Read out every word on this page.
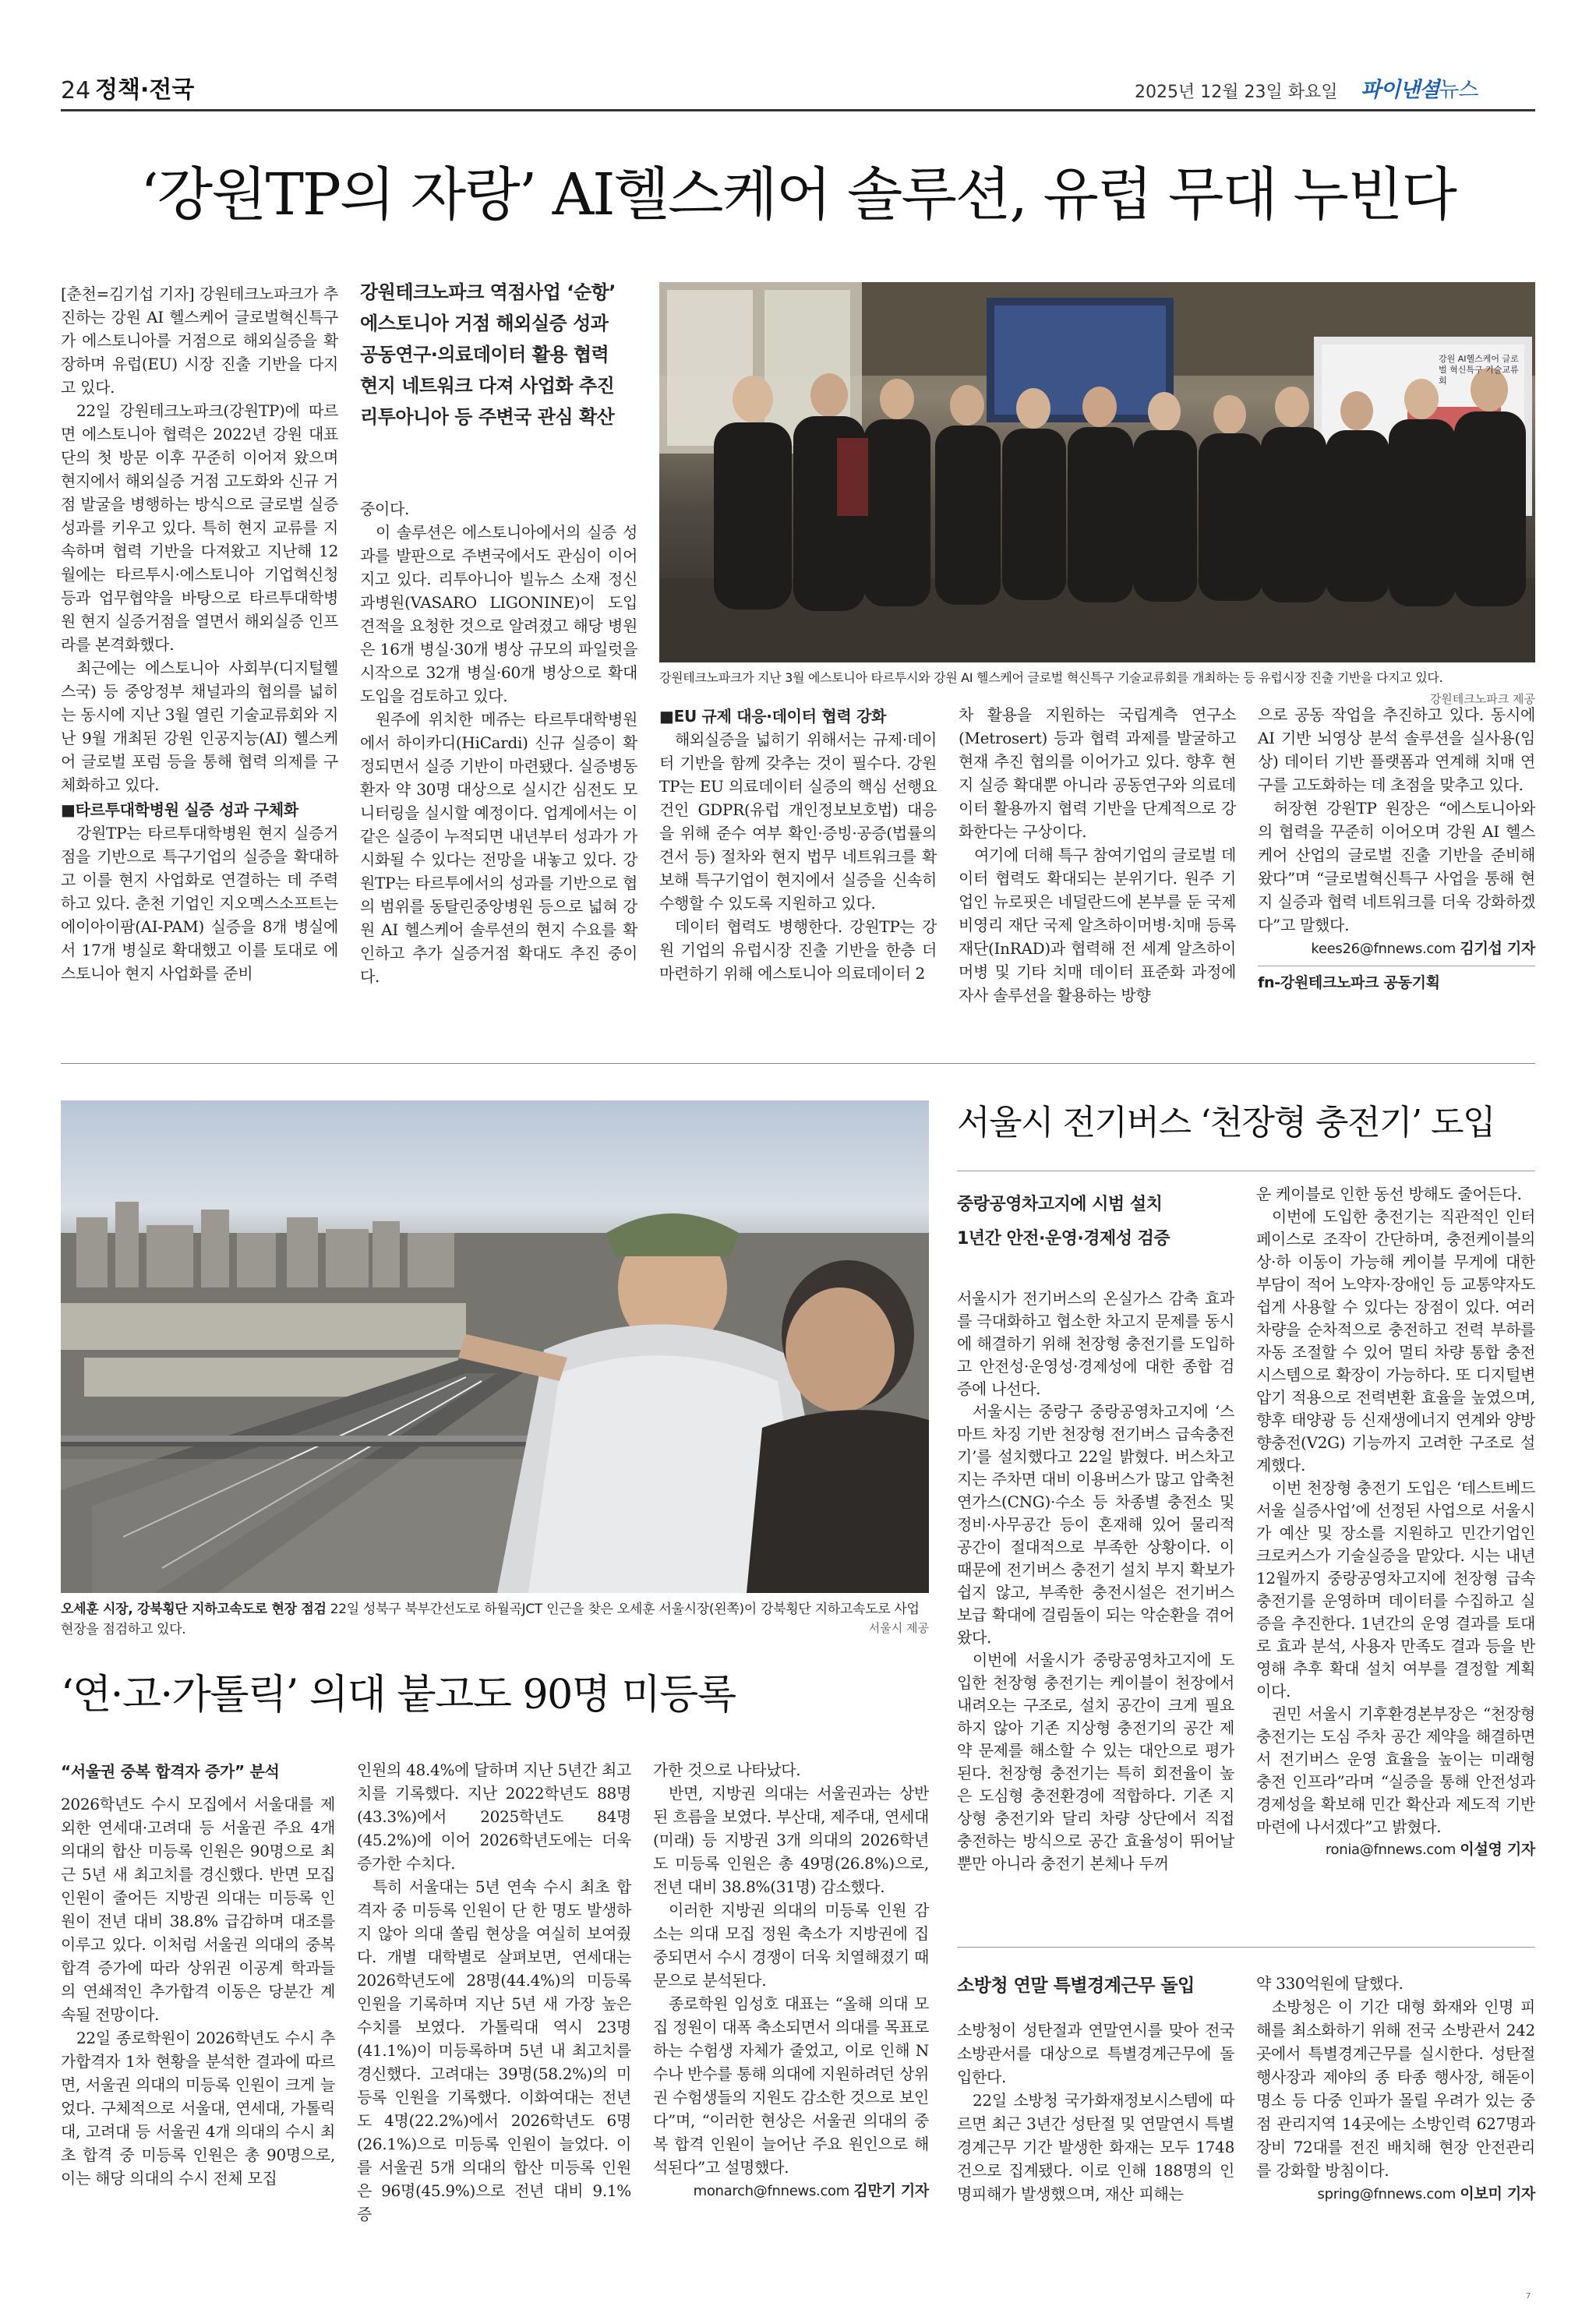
24 정책·전국	2025년 12월 23일 화요일 파이낸셜뉴스
‘강원TP의 자랑’ AI헬스케어 솔루션, 유럽 무대 누빈다

[춘천=김기섭 기자] 강원테크노파크가 추진하는 강원 AI 헬스케어 글로벌혁신특구가 에스토니아를 거점으로 해외실증을 확장하며 유럽(EU) 시장 진출 기반을 다지고 있다.

22일 강원테크노파크(강원TP)에 따르면 에스토니아 협력은 2022년 강원 대표단의 첫 방문 이후 꾸준히 이어져 왔으며 현지에서 해외실증 거점 고도화와 신규 거점 발굴을 병행하는 방식으로 글로벌 실증 성과를 키우고 있다. 특히 현지 교류를 지속하며 협력 기반을 다져왔고 지난해 12월에는 타르투시·에스토니아 기업혁신청 등과 업무협약을 바탕으로 타르투대학병원 현지 실증거점을 열면서 해외실증 인프라를 본격화했다.

최근에는 에스토니아 사회부(디지털헬스국) 등 중앙정부 채널과의 협의를 넓히는 동시에 지난 3월 열린 기술교류회와 지난 9월 개최된 강원 인공지능(AI) 헬스케어 글로벌 포럼 등을 통해 협력 의제를 구체화하고 있다.

■타르투대학병원 실증 성과 구체화

강원TP는 타르투대학병원 현지 실증거점을 기반으로 특구기업의 실증을 확대하고 이를 현지 사업화로 연결하는 데 주력하고 있다. 춘천 기업인 지오멕스소프트는 에이아이팜(AI-PAM) 실증을 8개 병실에서 17개 병실로 확대했고 이를 토대로 에스토니아 현지 사업화를 준비

강원테크노파크 역점사업 ‘순항’
에스토니아 거점 해외실증 성과
공동연구·의료데이터 활용 협력
현지 네트워크 다져 사업화 추진
리투아니아 등 주변국 관심 확산

중이다.

이 솔루션은 에스토니아에서의 실증 성과를 발판으로 주변국에서도 관심이 이어지고 있다. 리투아니아 빌뉴스 소재 정신과병원(VASARO LIGONINE)이 도입 견적을 요청한 것으로 알려졌고 해당 병원은 16개 병실·30개 병상 규모의 파일럿을 시작으로 32개 병실·60개 병상으로 확대 도입을 검토하고 있다.

원주에 위치한 메쥬는 타르투대학병원에서 하이카디(HiCardi) 신규 실증이 확정되면서 실증 기반이 마련됐다. 실증병동 환자 약 30명 대상으로 실시간 심전도 모니터링을 실시할 예정이다. 업계에서는 이 같은 실증이 누적되면 내년부터 성과가 가시화될 수 있다는 전망을 내놓고 있다. 강원TP는 타르투에서의 성과를 기반으로 협의 범위를 동탈린중앙병원 등으로 넓혀 강원 AI 헬스케어 솔루션의 현지 수요를 확인하고 추가 실증거점 확대도 추진 중이다.

강원 AI헬스케어 글로벌 혁신특구 기술교류회
강원테크노파크가 지난 3월 에스토니아 타르투시와 강원 AI 헬스케어 글로벌 혁신특구 기술교류회를 개최하는 등 유럽시장 진출 기반을 다지고 있다.
강원테크노파크 제공

■EU 규제 대응·데이터 협력 강화

해외실증을 넓히기 위해서는 규제·데이터 기반을 함께 갖추는 것이 필수다. 강원TP는 EU 의료데이터 실증의 핵심 선행요건인 GDPR(유럽 개인정보보호법) 대응을 위해 준수 여부 확인·증빙·공증(법률의견서 등) 절차와 현지 법무 네트워크를 확보해 특구기업이 현지에서 실증을 신속히 수행할 수 있도록 지원하고 있다.

데이터 협력도 병행한다. 강원TP는 강원 기업의 유럽시장 진출 기반을 한층 더 마련하기 위해 에스토니아 의료데이터 2

차 활용을 지원하는 국립계측 연구소(Metrosert) 등과 협력 과제를 발굴하고 현재 추진 협의를 이어가고 있다. 향후 현지 실증 확대뿐 아니라 공동연구와 의료데이터 활용까지 협력 기반을 단계적으로 강화한다는 구상이다.

여기에 더해 특구 참여기업의 글로벌 데이터 협력도 확대되는 분위기다. 원주 기업인 뉴로핏은 네덜란드에 본부를 둔 국제 비영리 재단 국제 알츠하이머병·치매 등록 재단(InRAD)과 협력해 전 세계 알츠하이머병 및 기타 치매 데이터 표준화 과정에 자사 솔루션을 활용하는 방향

으로 공동 작업을 추진하고 있다. 동시에 AI 기반 뇌영상 분석 솔루션을 실사용(임상) 데이터 기반 플랫폼과 연계해 치매 연구를 고도화하는 데 초점을 맞추고 있다.

허장현 강원TP 원장은 “에스토니아와의 협력을 꾸준히 이어오며 강원 AI 헬스케어 산업의 글로벌 진출 기반을 준비해 왔다”며 “글로벌혁신특구 사업을 통해 현지 실증과 협력 네트워크를 더욱 강화하겠다”고 말했다.

kees26@fnnews.com 김기섭 기자

fn-강원테크노파크 공동기획

오세훈 시장, 강북횡단 지하고속도로 현장 점검 22일 성북구 북부간선도로 하월곡JCT 인근을 찾은 오세훈 서울시장(왼쪽)이 강북횡단 지하고속도로 사업 현장을 점검하고 있다.	서울시 제공
‘연·고·가톨릭’ 의대 붙고도 90명 미등록

“서울권 중복 합격자 증가” 분석

2026학년도 수시 모집에서 서울대를 제외한 연세대·고려대 등 서울권 주요 4개 의대의 합산 미등록 인원은 90명으로 최근 5년 새 최고치를 경신했다. 반면 모집 인원이 줄어든 지방권 의대는 미등록 인원이 전년 대비 38.8% 급감하며 대조를 이루고 있다. 이처럼 서울권 의대의 중복 합격 증가에 따라 상위권 이공계 학과들의 연쇄적인 추가합격 이동은 당분간 계속될 전망이다.

22일 종로학원이 2026학년도 수시 추가합격자 1차 현황을 분석한 결과에 따르면, 서울권 의대의 미등록 인원이 크게 늘었다. 구체적으로 서울대, 연세대, 가톨릭대, 고려대 등 서울권 4개 의대의 수시 최초 합격 중 미등록 인원은 총 90명으로, 이는 해당 의대의 수시 전체 모집

인원의 48.4%에 달하며 지난 5년간 최고치를 기록했다. 지난 2022학년도 88명(43.3%)에서 2025학년도 84명(45.2%)에 이어 2026학년도에는 더욱 증가한 수치다.

특히 서울대는 5년 연속 수시 최초 합격자 중 미등록 인원이 단 한 명도 발생하지 않아 의대 쏠림 현상을 여실히 보여줬다. 개별 대학별로 살펴보면, 연세대는 2026학년도에 28명(44.4%)의 미등록 인원을 기록하며 지난 5년 새 가장 높은 수치를 보였다. 가톨릭대 역시 23명(41.1%)이 미등록하며 5년 내 최고치를 경신했다. 고려대는 39명(58.2%)의 미등록 인원을 기록했다. 이화여대는 전년도 4명(22.2%)에서 2026학년도 6명(26.1%)으로 미등록 인원이 늘었다. 이를 서울권 5개 의대의 합산 미등록 인원은 96명(45.9%)으로 전년 대비 9.1% 증

가한 것으로 나타났다.

반면, 지방권 의대는 서울권과는 상반된 흐름을 보였다. 부산대, 제주대, 연세대(미래) 등 지방권 3개 의대의 2026학년도 미등록 인원은 총 49명(26.8%)으로, 전년 대비 38.8%(31명) 감소했다.

이러한 지방권 의대의 미등록 인원 감소는 의대 모집 정원 축소가 지방권에 집중되면서 수시 경쟁이 더욱 치열해졌기 때문으로 분석된다.

종로학원 임성호 대표는 “올해 의대 모집 정원이 대폭 축소되면서 의대를 목표로 하는 수험생 자체가 줄었고, 이로 인해 N수나 반수를 통해 의대에 지원하려던 상위권 수험생들의 지원도 감소한 것으로 보인다”며, “이러한 현상은 서울권 의대의 중복 합격 인원이 늘어난 주요 원인으로 해석된다”고 설명했다.

monarch@fnnews.com 김만기 기자

서울시 전기버스 ‘천장형 충전기’ 도입
중랑공영차고지에 시범 설치
1년간 안전·운영·경제성 검증

서울시가 전기버스의 온실가스 감축 효과를 극대화하고 협소한 차고지 문제를 동시에 해결하기 위해 천장형 충전기를 도입하고 안전성·운영성·경제성에 대한 종합 검증에 나선다.

서울시는 중랑구 중랑공영차고지에 ‘스마트 차징 기반 천장형 전기버스 급속충전기’를 설치했다고 22일 밝혔다. 버스차고지는 주차면 대비 이용버스가 많고 압축천연가스(CNG)·수소 등 차종별 충전소 및 정비·사무공간 등이 혼재해 있어 물리적 공간이 절대적으로 부족한 상황이다. 이 때문에 전기버스 충전기 설치 부지 확보가 쉽지 않고, 부족한 충전시설은 전기버스 보급 확대에 걸림돌이 되는 악순환을 겪어왔다.

이번에 서울시가 중랑공영차고지에 도입한 천장형 충전기는 케이블이 천장에서 내려오는 구조로, 설치 공간이 크게 필요하지 않아 기존 지상형 충전기의 공간 제약 문제를 해소할 수 있는 대안으로 평가된다. 천장형 충전기는 특히 회전율이 높은 도심형 충전환경에 적합하다. 기존 지상형 충전기와 달리 차량 상단에서 직접 충전하는 방식으로 공간 효율성이 뛰어날 뿐만 아니라 충전기 본체나 두꺼

운 케이블로 인한 동선 방해도 줄어든다.

이번에 도입한 충전기는 직관적인 인터페이스로 조작이 간단하며, 충전케이블의 상·하 이동이 가능해 케이블 무게에 대한 부담이 적어 노약자·장애인 등 교통약자도 쉽게 사용할 수 있다는 장점이 있다. 여러 차량을 순차적으로 충전하고 전력 부하를 자동 조절할 수 있어 멀티 차량 통합 충전 시스템으로 확장이 가능하다. 또 디지털변압기 적용으로 전력변환 효율을 높였으며, 향후 태양광 등 신재생에너지 연계와 양방향충전(V2G) 기능까지 고려한 구조로 설계했다.

이번 천장형 충전기 도입은 ‘테스트베드 서울 실증사업’에 선정된 사업으로 서울시가 예산 및 장소를 지원하고 민간기업인 크로커스가 기술실증을 맡았다. 시는 내년 12월까지 중랑공영차고지에 천장형 급속충전기를 운영하며 데이터를 수집하고 실증을 추진한다. 1년간의 운영 결과를 토대로 효과 분석, 사용자 만족도 결과 등을 반영해 추후 확대 설치 여부를 결정할 계획이다.

권민 서울시 기후환경본부장은 “천장형 충전기는 도심 주차 공간 제약을 해결하면서 전기버스 운영 효율을 높이는 미래형 충전 인프라”라며 “실증을 통해 안전성과 경제성을 확보해 민간 확산과 제도적 기반 마련에 나서겠다”고 밝혔다.

ronia@fnnews.com 이설영 기자

소방청 연말 특별경계근무 돌입

소방청이 성탄절과 연말연시를 맞아 전국 소방관서를 대상으로 특별경계근무에 돌입한다.

22일 소방청 국가화재정보시스템에 따르면 최근 3년간 성탄절 및 연말연시 특별경계근무 기간 발생한 화재는 모두 1748건으로 집계됐다. 이로 인해 188명의 인명피해가 발생했으며, 재산 피해는

약 330억원에 달했다.

소방청은 이 기간 대형 화재와 인명 피해를 최소화하기 위해 전국 소방관서 242곳에서 특별경계근무를 실시한다. 성탄절 행사장과 제야의 종 타종 행사장, 해돋이 명소 등 다중 인파가 몰릴 우려가 있는 중점 관리지역 14곳에는 소방인력 627명과 장비 72대를 전진 배치해 현장 안전관리를 강화할 방침이다.

spring@fnnews.com 이보미 기자

7
